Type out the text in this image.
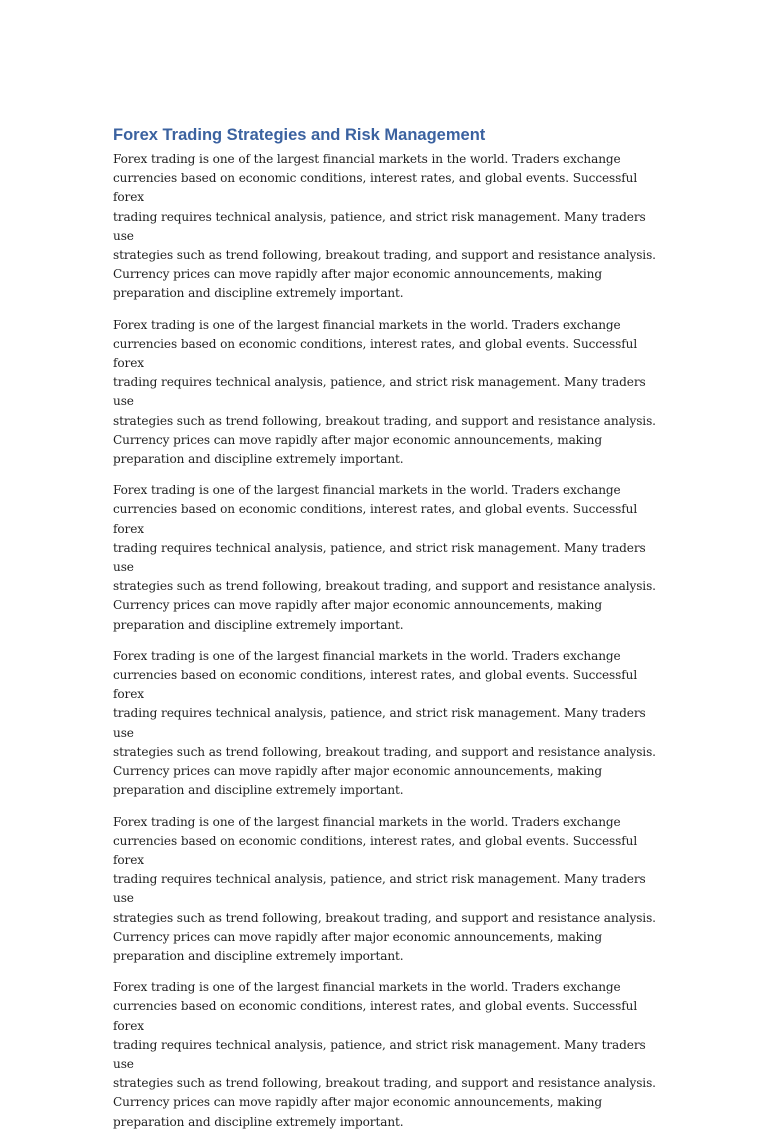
Forex Trading Strategies and Risk Management

Forex trading is one of the largest financial markets in the world. Traders exchange
currencies based on economic conditions, interest rates, and global events. Successful forex
trading requires technical analysis, patience, and strict risk management. Many traders use
strategies such as trend following, breakout trading, and support and resistance analysis.
Currency prices can move rapidly after major economic announcements, making
preparation and discipline extremely important.

Forex trading is one of the largest financial markets in the world. Traders exchange
currencies based on economic conditions, interest rates, and global events. Successful forex
trading requires technical analysis, patience, and strict risk management. Many traders use
strategies such as trend following, breakout trading, and support and resistance analysis.
Currency prices can move rapidly after major economic announcements, making
preparation and discipline extremely important.

Forex trading is one of the largest financial markets in the world. Traders exchange
currencies based on economic conditions, interest rates, and global events. Successful forex
trading requires technical analysis, patience, and strict risk management. Many traders use
strategies such as trend following, breakout trading, and support and resistance analysis.
Currency prices can move rapidly after major economic announcements, making
preparation and discipline extremely important.

Forex trading is one of the largest financial markets in the world. Traders exchange
currencies based on economic conditions, interest rates, and global events. Successful forex
trading requires technical analysis, patience, and strict risk management. Many traders use
strategies such as trend following, breakout trading, and support and resistance analysis.
Currency prices can move rapidly after major economic announcements, making
preparation and discipline extremely important.

Forex trading is one of the largest financial markets in the world. Traders exchange
currencies based on economic conditions, interest rates, and global events. Successful forex
trading requires technical analysis, patience, and strict risk management. Many traders use
strategies such as trend following, breakout trading, and support and resistance analysis.
Currency prices can move rapidly after major economic announcements, making
preparation and discipline extremely important.

Forex trading is one of the largest financial markets in the world. Traders exchange
currencies based on economic conditions, interest rates, and global events. Successful forex
trading requires technical analysis, patience, and strict risk management. Many traders use
strategies such as trend following, breakout trading, and support and resistance analysis.
Currency prices can move rapidly after major economic announcements, making
preparation and discipline extremely important.
